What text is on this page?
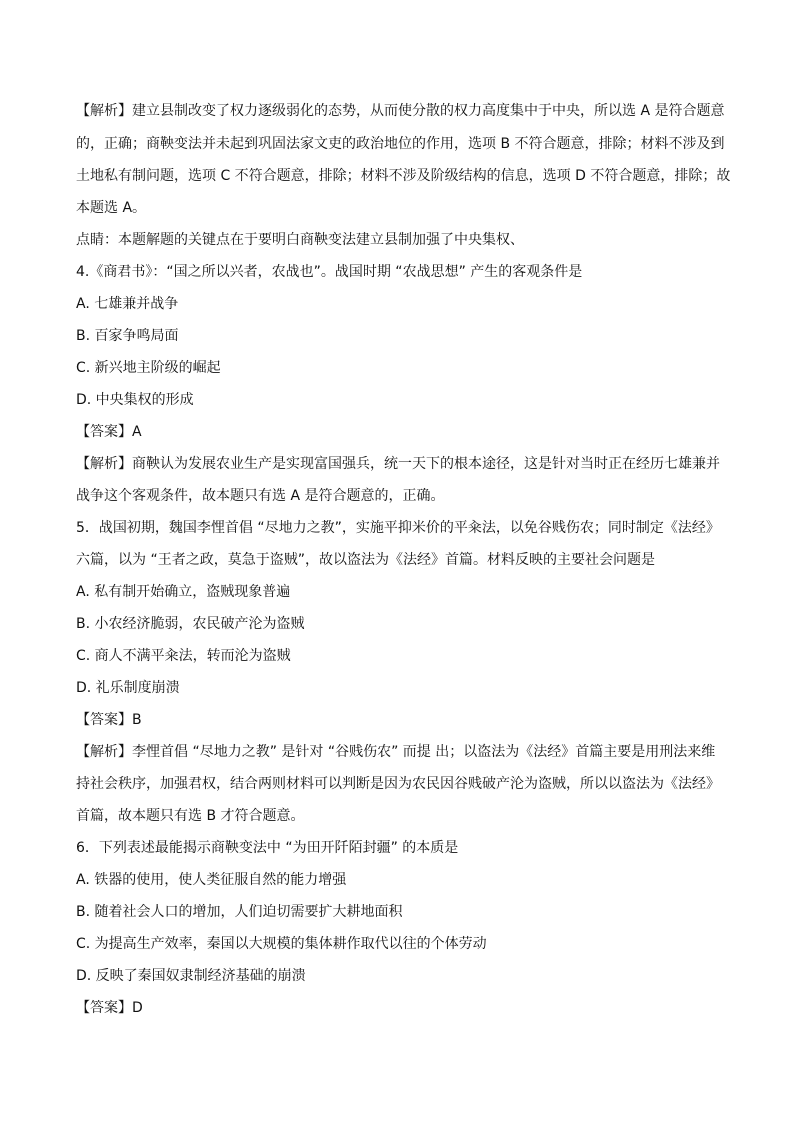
【解析】建立县制改变了权力逐级弱化的态势，从而使分散的权力高度集中于中央，所以选 A 是符合题意
的，正确；商鞅变法并未起到巩固法家文吏的政治地位的作用，选项 B 不符合题意，排除；材料不涉及到
土地私有制问题，选项 C 不符合题意，排除；材料不涉及阶级结构的信息，选项 D 不符合题意，排除；故
本题选 A。
点睛：本题解题的关键点在于要明白商鞅变法建立县制加强了中央集权、
4.《商君书》：“国之所以兴者，农战也”。战国时期 “农战思想” 产生的客观条件是
A. 七雄兼并战争
B. 百家争鸣局面
C. 新兴地主阶级的崛起
D. 中央集权的形成
【答案】A
【解析】商鞅认为发展农业生产是实现富国强兵，统一天下的根本途径，这是针对当时正在经历七雄兼并
战争这个客观条件，故本题只有选 A 是符合题意的，正确。
5．战国初期，魏国李悝首倡 “尽地力之教”，实施平抑米价的平籴法，以免谷贱伤农；同时制定《法经》
六篇，以为 “王者之政，莫急于盗贼”，故以盗法为《法经》首篇。材料反映的主要社会问题是
A. 私有制开始确立，盗贼现象普遍
B. 小农经济脆弱，农民破产沦为盗贼
C. 商人不满平籴法，转而沦为盗贼
D. 礼乐制度崩溃
【答案】B
【解析】李悝首倡 “尽地力之教” 是针对 “谷贱伤农” 而提 出；以盗法为《法经》首篇主要是用刑法来维
持社会秩序，加强君权，结合两则材料可以判断是因为农民因谷贱破产沦为盗贼，所以以盗法为《法经》
首篇，故本题只有选 B 才符合题意。
6．下列表述最能揭示商鞅变法中 “为田开阡陌封疆” 的本质是
A. 铁器的使用，使人类征服自然的能力增强
B. 随着社会人口的增加，人们迫切需要扩大耕地面积
C. 为提高生产效率，秦国以大规模的集体耕作取代以往的个体劳动
D. 反映了秦国奴隶制经济基础的崩溃
【答案】D
